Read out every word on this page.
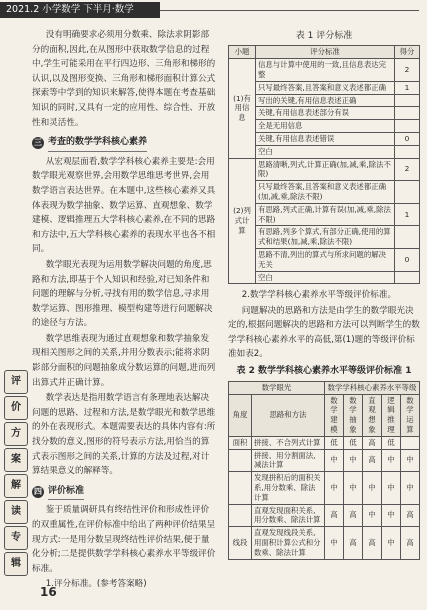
2021.2 小学数学 下半月·数学

没有明确要求必须用分数乘、除法求阴影部分的面积,因此,在从图形中获取数学信息的过程中,学生可能采用在平行四边形、三角形和梯形的认识,以及图形变换、三角形和梯形面积计算公式探索等中学到的知识来解答,使得本题在考查基础知识的同时,又具有一定的应用性、综合性、开放性和灵活性。

三 考查的数学学科核心素养

从宏观层面看,数学学科核心素养主要是:会用数学眼光观察世界,会用数学思维思考世界,会用数学语言表达世界。在本题中,这些核心素养又具体表现为数学抽象、数学运算、直观想象、数学建模、逻辑推理五大学科核心素养,在不同的思路和方法中,五大学科核心素养的表现水平也各不相同。

数学眼光表现为运用数学解决问题的角度,思路和方法,即基于个人知识和经验,对已知条件和问题的理解与分析,寻找有用的数学信息,寻求用数学运算、图形推理、模型构建等进行问题解决的途径与方法。

数学思维表现为通过直观想象和数学抽象发现相关图形之间的关系,并用分数表示;能将求阴影部分面积的问题抽象成分数运算的问题,进而列出算式并正确计算。

数学表达是指用数学语言有条理地表达解决问题的思路、过程和方法,是数学眼光和数学思维的外在表现形式。本题需要表达的具体内容有:所找分数的意义,图形的符号表示方法,用恰当的算式表示图形之间的关系,计算的方法及过程,对计算结果意义的解释等。

四 评价标准

鉴于质量调研具有终结性评价和形成性评价的双重属性,在评价标准中给出了两种评价结果呈现方式:一是用分数呈现终结性评价结果,便于量化分析;二是提供数学学科核心素养水平等级评价标准。

1.评分标准。(参考答案略)

表 1 评分标准
小题	评分标准	得分
(1)有用信息	信息与计算中使用的一致,且信息表达完整	2
	只写最终答案,且答案和意义表述都正确	1
	写出的关键,有用信息表述正确	
	关键,有用信息表述部分有误	
	全是无用信息	
	关键,有用信息表述错误	0
	空白	
(2)列式计算	思路清晰,列式,计算正确(加,减,乘,除法不限)	2
	只写最终答案,且答案和意义表述都正确(加,减,乘,除法不限)	
	有思路,列式正确,计算有误(加,减,乘,除法不限)	1
	有思路,列多个算式,有部分正确,使用的算式和结果(加,减,乘,除法不限)	
	思路不清,列出的算式与所求问题的解决无关	0
	空白	

2.数学学科核心素养水平等级评价标准。

问题解决的思路和方法是由学生的数学眼光决定的,根据问题解决的思路和方法可以判断学生的数学学科核心素养水平的高低,第(1)题的等级评价标准如表2。

表 2 数学学科核心素养水平等级评价标准 1
数学眼光		数学学科核心素养水平等级				
角度	思路和方法	数学建模	数学抽象	直观想象	逻辑推理	数学运算
面积	拼接、不合列式计算	低	低	高	低	
	拼接、用分割面法,减法计算	中	中	高	中	中
	发现拼积后的面积关系,用分数乘、除法计算	中	中	中	中	中
	直观发现面积关系,用分数乘、除法计算	高	高	中	中	高
线段	直观发现线段关系,用面积计算公式和分数乘、除法计算	中	高	高	中	高
评
价
方
案
解
读
专
辑
16
